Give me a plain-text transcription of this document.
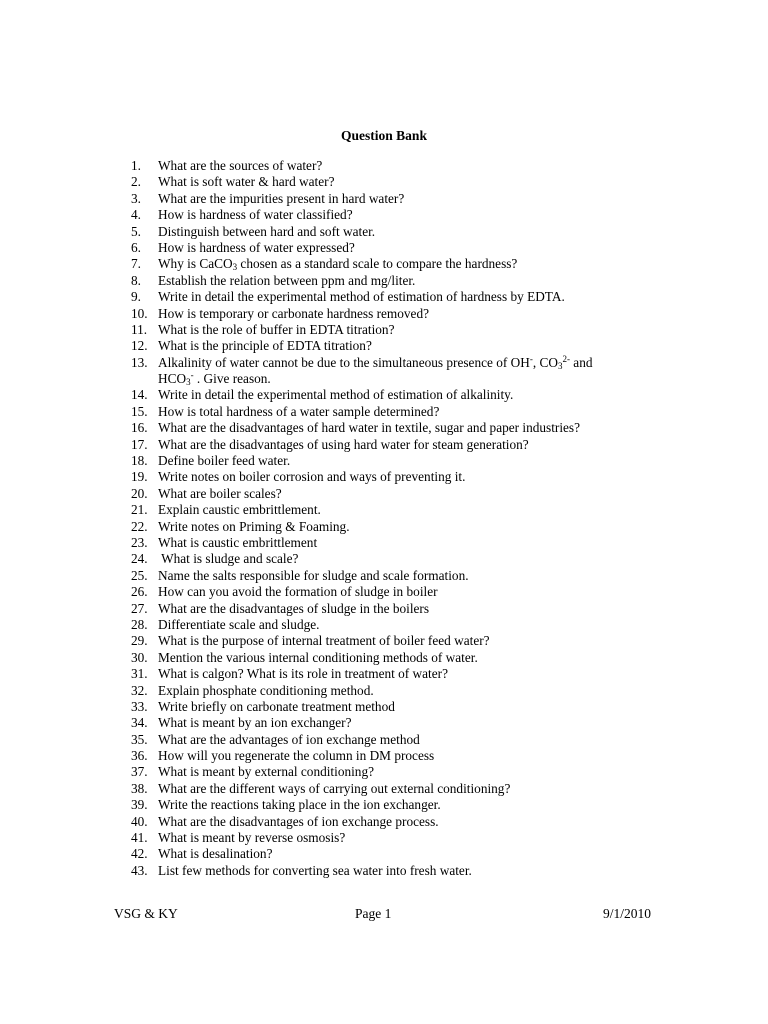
Question Bank
1. What are the sources of water?
2. What is soft water & hard water?
3. What are the impurities present in hard water?
4. How is hardness of water classified?
5. Distinguish between hard and soft water.
6. How is hardness of water expressed?
7. Why is CaCO$_3$ chosen as a standard scale to compare the hardness?
8. Establish the relation between ppm and mg/liter.
9. Write in detail the experimental method of estimation of hardness by EDTA.
10. How is temporary or carbonate hardness removed?
11. What is the role of buffer in EDTA titration?
12. What is the principle of EDTA titration?
13. Alkalinity of water cannot be due to the simultaneous presence of OH-, $CO_3^{2-}$ and
$HCO_3^-$ . Give reason.
14. Write in detail the experimental method of estimation of alkalinity.
15. How is total hardness of a water sample determined?
16. What are the disadvantages of hard water in textile, sugar and paper industries?
17. What are the disadvantages of using hard water for steam generation?
18. Define boiler feed water.
19. Write notes on boiler corrosion and ways of preventing it.
20. What are boiler scales?
21. Explain caustic embrittlement.
22. Write notes on Priming & Foaming.
23. What is caustic embrittlement
24. What is sludge and scale?
25. Name the salts responsible for sludge and scale formation.
26. How can you avoid the formation of sludge in boiler
27. What are the disadvantages of sludge in the boilers
28. Differentiate scale and sludge.
29. What is the purpose of internal treatment of boiler feed water?
30. Mention the various internal conditioning methods of water.
31. What is calgon? What is its role in treatment of water?
32. Explain phosphate conditioning method.
33. Write briefly on carbonate treatment method
34. What is meant by an ion exchanger?
35. What are the advantages of ion exchange method
36. How will you regenerate the column in DM process
37. What is meant by external conditioning?
38. What are the different ways of carrying out external conditioning?
39. Write the reactions taking place in the ion exchanger.
40. What are the disadvantages of ion exchange process.
41. What is meant by reverse osmosis?
42. What is desalination?
43. List few methods for converting sea water into fresh water.
VSG & KY	Page 1	9/1/2010
